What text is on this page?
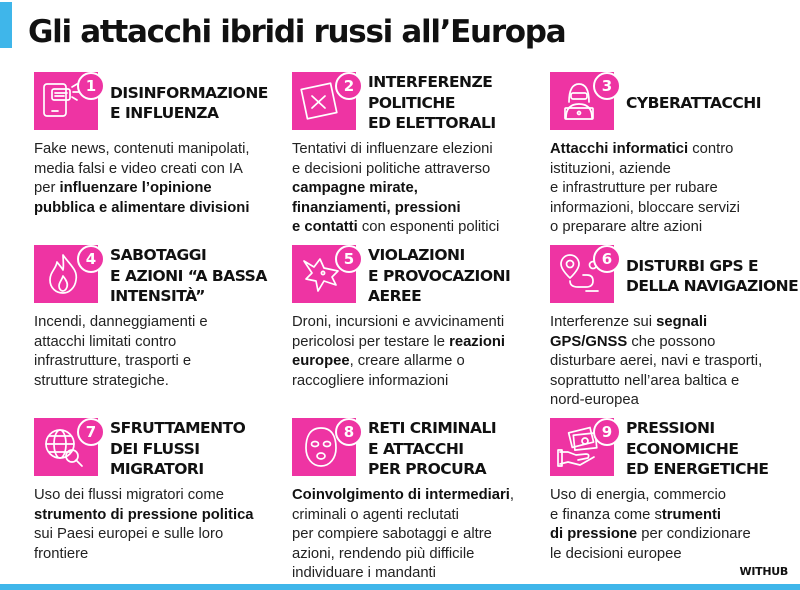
Gli attacchi ibridi russi all’Europa
1 DISINFORMAZIONE
E INFLUENZA
Fake news, contenuti manipolati,
media falsi e video creati con IA
per influenzare l’opinione
pubblica e alimentare divisioni
2 INTERFERENZE
POLITICHE
ED ELETTORALI
Tentativi di influenzare elezioni
e decisioni politiche attraverso
campagne mirate,
finanziamenti, pressioni
e contatti con esponenti politici
3
CYBERATTACCHI
Attacchi informatici contro
istituzioni, aziende
e infrastrutture per rubare
informazioni, bloccare servizi
o preparare altre azioni
4 SABOTAGGI
E AZIONI “A BASSA
INTENSITÀ”
Incendi, danneggiamenti e
attacchi limitati contro
infrastrutture, trasporti e
strutture strategiche.
5 VIOLAZIONI
E PROVOCAZIONI
AEREE
Droni, incursioni e avvicinamenti
pericolosi per testare le reazioni
europee, creare allarme o
raccogliere informazioni
6 DISTURBI GPS E
DELLA NAVIGAZIONE
Interferenze sui segnali
GPS/GNSS che possono
disturbare aerei, navi e trasporti,
soprattutto nell’area baltica e
nord-europea
7 SFRUTTAMENTO
DEI FLUSSI
MIGRATORI
Uso dei flussi migratori come
strumento di pressione politica
sui Paesi europei e sulle loro
frontiere
8 RETI CRIMINALI
E ATTACCHI
PER PROCURA
Coinvolgimento di intermediari,
criminali o agenti reclutati
per compiere sabotaggi e altre
azioni, rendendo più difficile
individuare i mandanti
9 PRESSIONI
ECONOMICHE
ED ENERGETICHE
Uso di energia, commercio
e finanza come strumenti
di pressione per condizionare
le decisioni europee
WITHUB
